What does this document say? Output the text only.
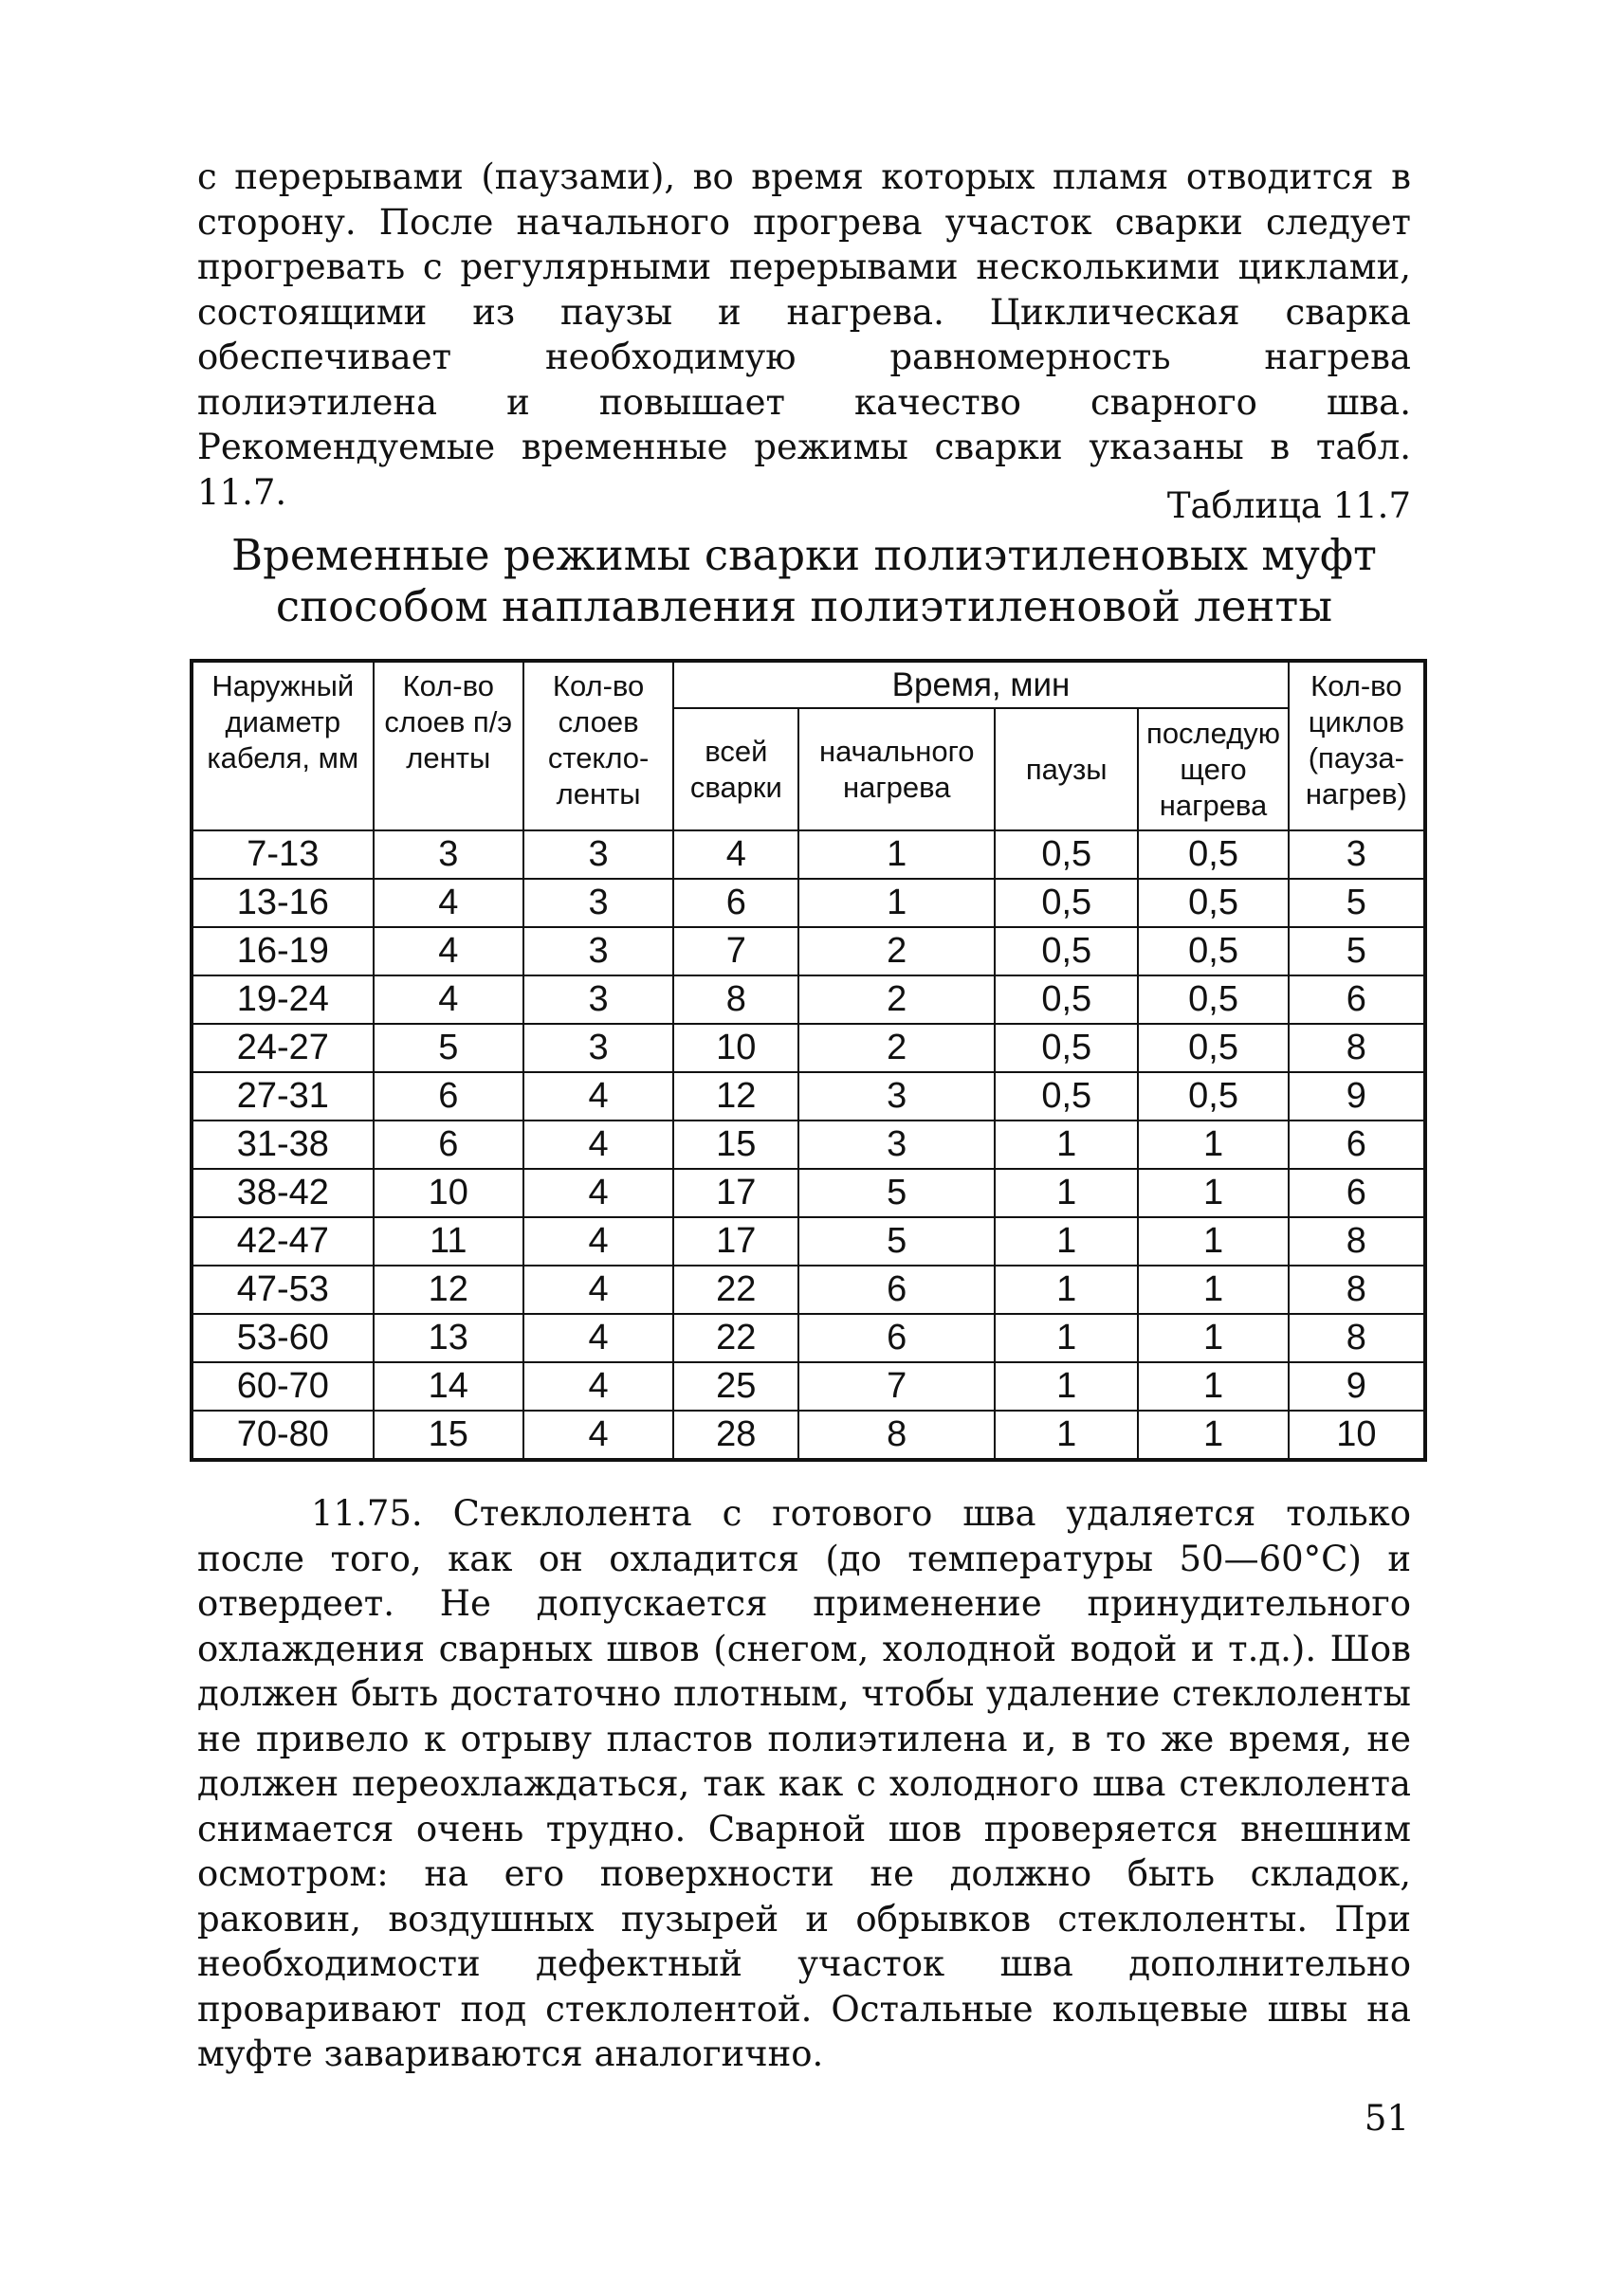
с перерывами (паузами), во время которых пламя отводится в сторону. После начального прогрева участок сварки следует прогревать с регулярными перерывами несколькими циклами, состоящими из паузы и нагрева. Циклическая сварка обеспечивает необходимую равномерность нагрева полиэтилена и повышает качество сварного шва. Рекомендуемые временные режимы сварки указаны в табл. 11.7.	Таблица 11.7
Временные режимы сварки полиэтиленовых муфт
способом наплавления полиэтиленовой ленты
Наружный диаметр кабеля, мм	Кол-во слоев п/э ленты	Кол-во слоев стекло-ленты	Время, мин				Кол-во циклов (пауза-нагрев)
			всей сварки	начального нагрева	паузы	последую щего нагрева	
7-13	3	3	4	1	0,5	0,5	3
13-16	4	3	6	1	0,5	0,5	5
16-19	4	3	7	2	0,5	0,5	5
19-24	4	3	8	2	0,5	0,5	6
24-27	5	3	10	2	0,5	0,5	8
27-31	6	4	12	3	0,5	0,5	9
31-38	6	4	15	3	1	1	6
38-42	10	4	17	5	1	1	6
42-47	11	4	17	5	1	1	8
47-53	12	4	22	6	1	1	8
53-60	13	4	22	6	1	1	8
60-70	14	4	25	7	1	1	9
70-80	15	4	28	8	1	1	10

11.75. Стеклолента с готового шва удаляется только после того, как он охладится (до температуры 50—60°С) и отвердеет. Не допускается применение принудительного охлаждения сварных швов (снегом, холодной водой и т.д.). Шов должен быть достаточно плотным, чтобы удаление стеклоленты не привело к отрыву пластов полиэтилена и, в то же время, не должен переохлаждаться, так как с холодного шва стеклолента снимается очень трудно. Сварной шов проверяется внешним осмотром: на его поверхности не должно быть складок, раковин, воздушных пузырей и обрывков стеклоленты. При необходимости дефектный участок шва дополнительно проваривают под стеклолентой. Остальные кольцевые швы на муфте завариваются аналогично.

51
